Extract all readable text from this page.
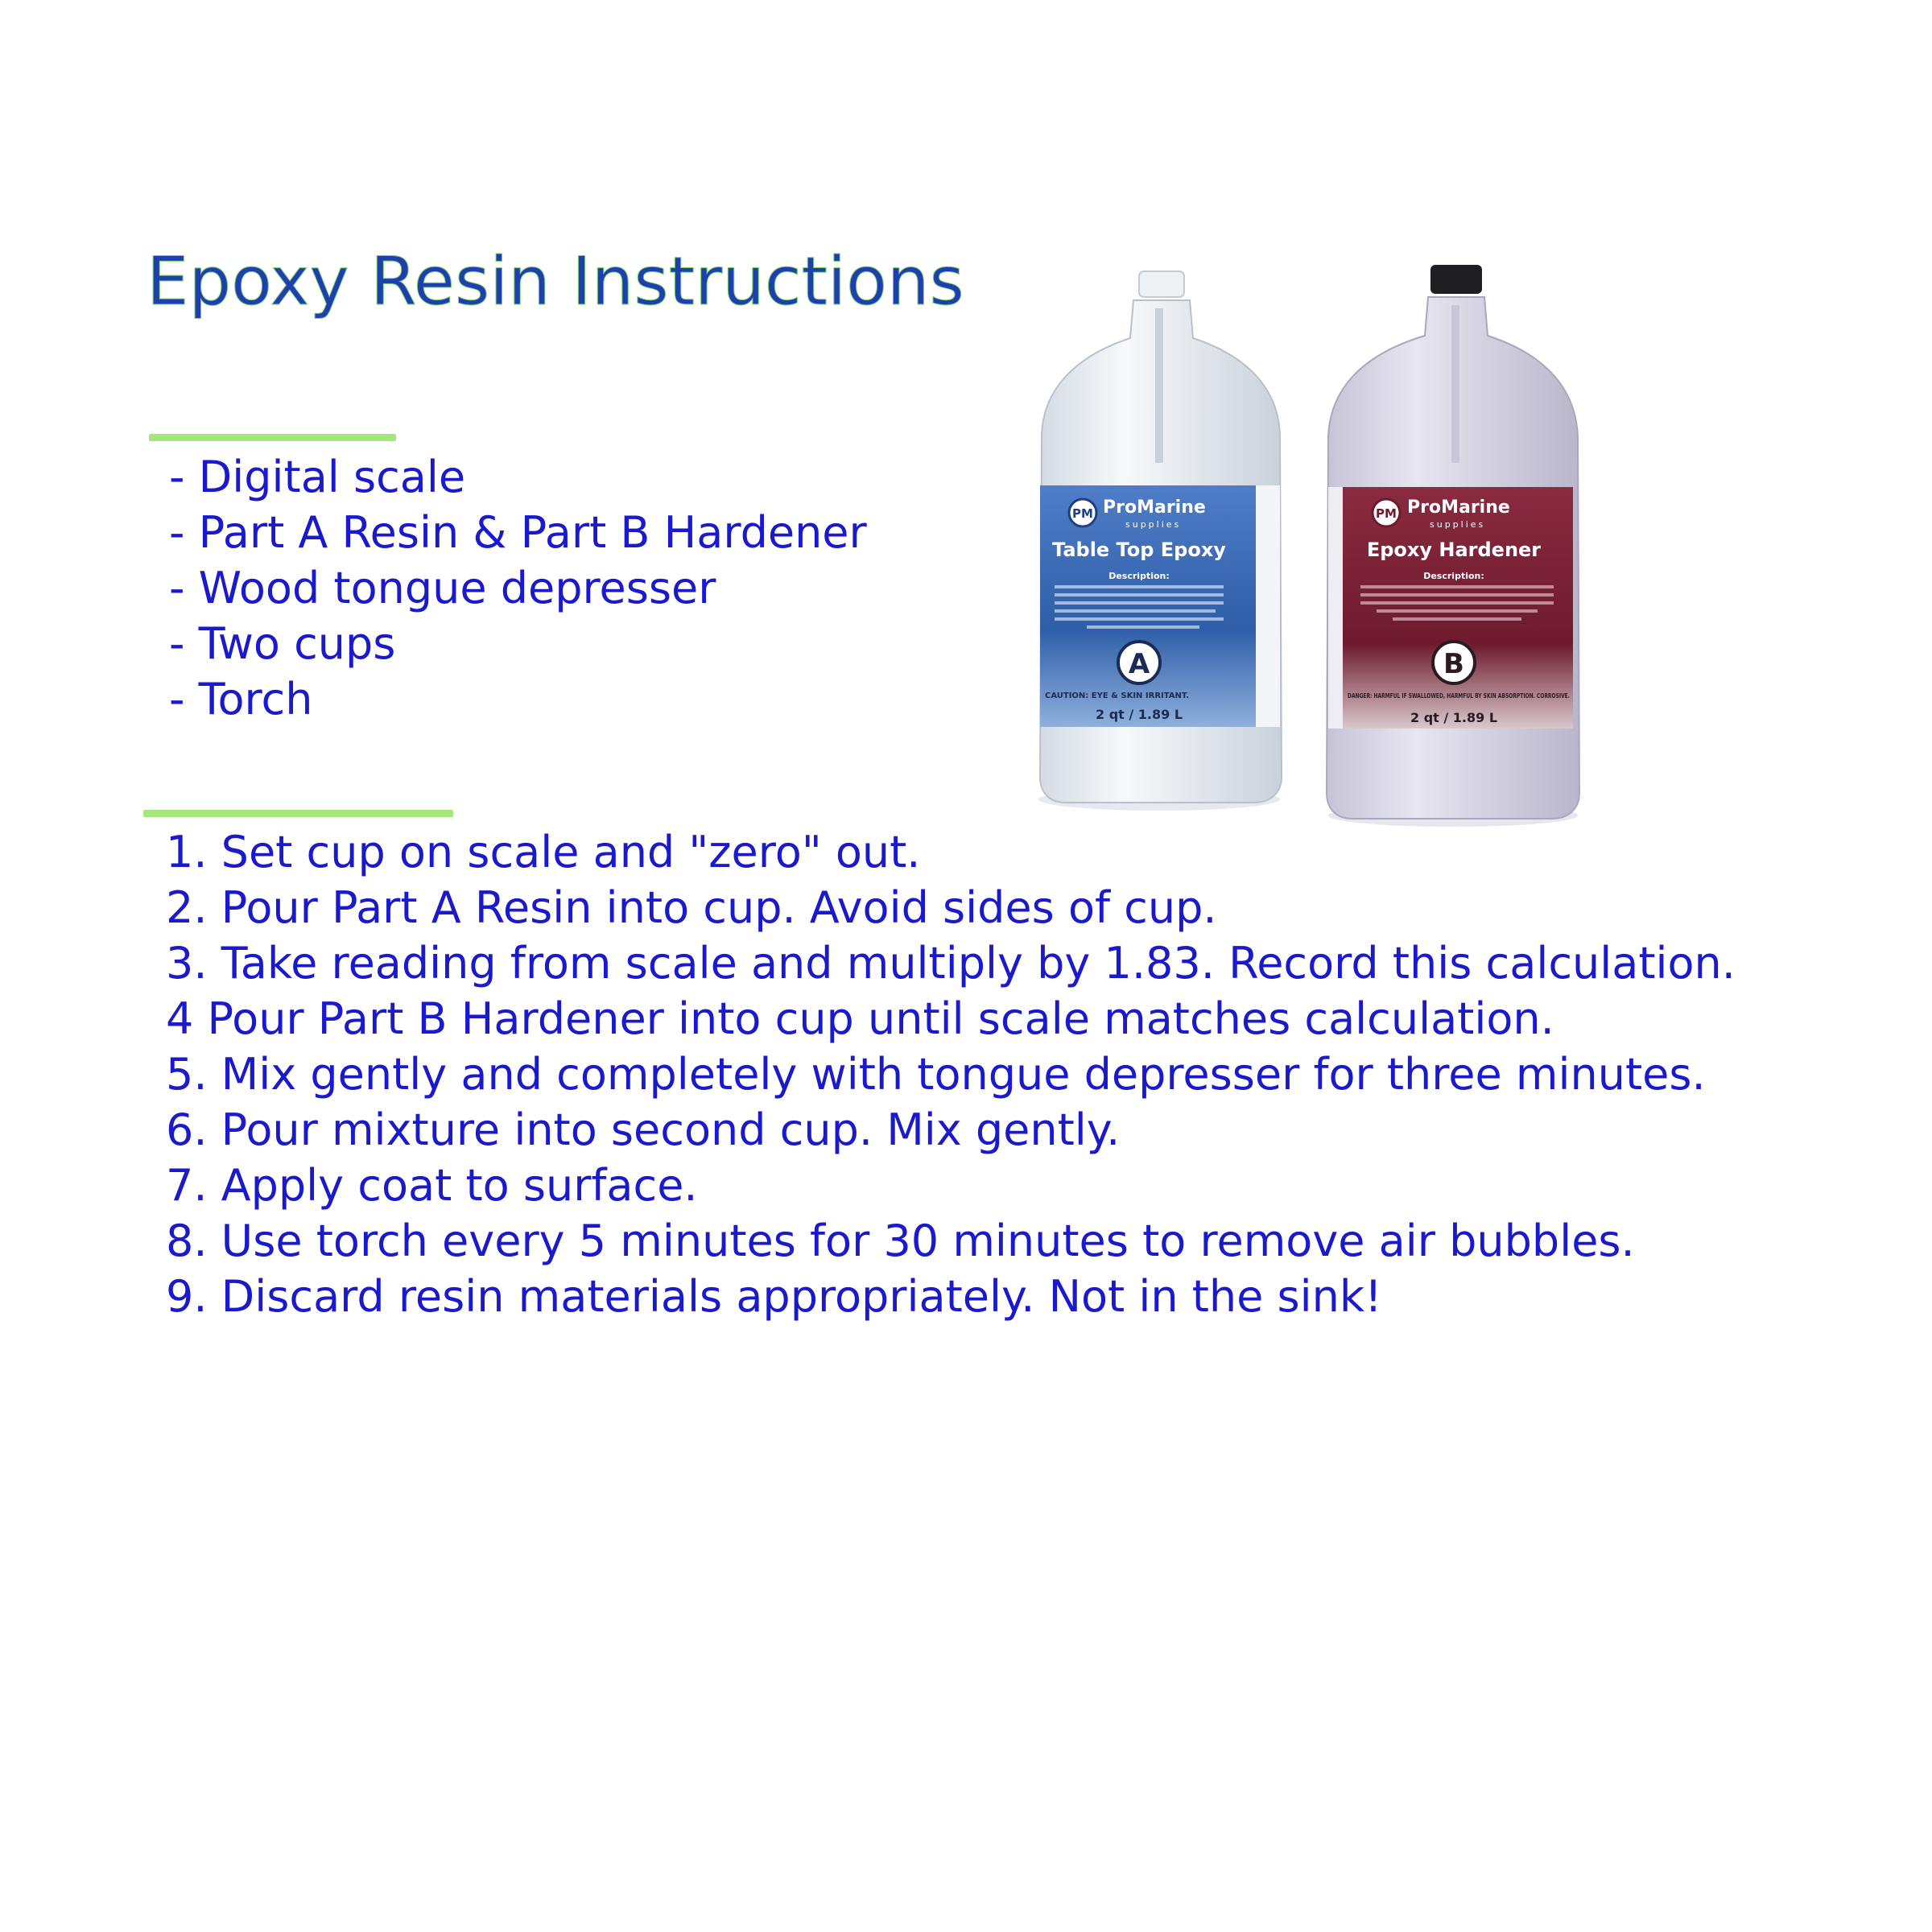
Epoxy Resin Instructions
- Digital scale
- Part A Resin & Part B Hardener
- Wood tongue depresser
- Two cups
- Torch
1. Set cup on scale and "zero" out.
2. Pour Part A Resin into cup. Avoid sides of cup.
3. Take reading from scale and multiply by 1.83. Record this calculation.
4 Pour Part B Hardener into cup until scale matches calculation.
5. Mix gently and completely with tongue depresser for three minutes.
6. Pour mixture into second cup. Mix gently.
7. Apply coat to surface.
8. Use torch every 5 minutes for 30 minutes to remove air bubbles.
9. Discard resin materials appropriately. Not in the sink!
PM ProMarine
supplies
Table Top Epoxy
Description:
A
CAUTION: EYE & SKIN IRRITANT.
2 qt / 1.89 L
PM ProMarine
supplies
Epoxy Hardener
Description:
B
DANGER: HARMFUL IF SWALLOWED, HARMFUL BY SKIN ABSORPTION. CORROSIVE.
2 qt / 1.89 L
